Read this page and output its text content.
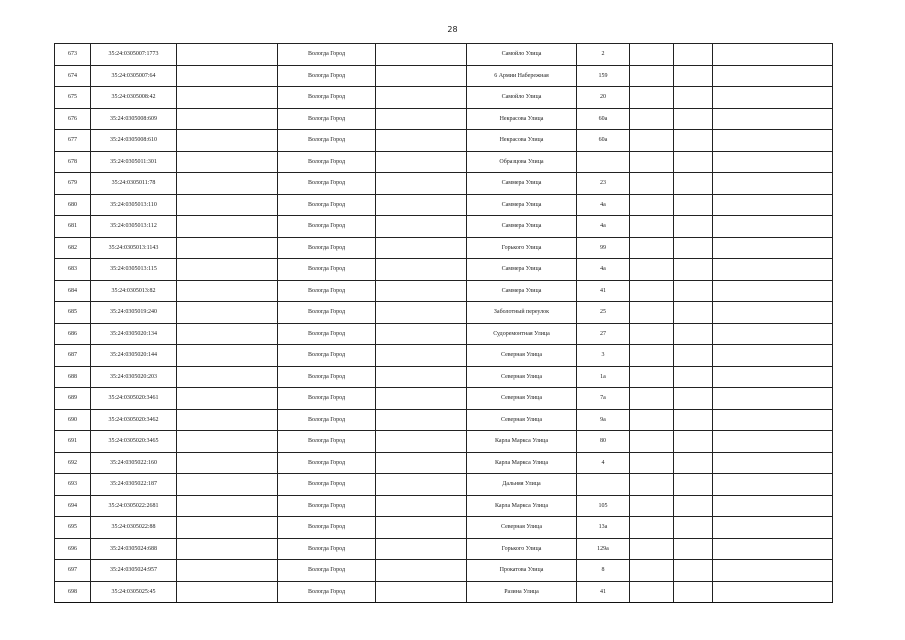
28
673	35:24:0305007:1773		Вологда Город		Самойло Улица	2			
674	35:24:0305007:64		Вологда Город		6 Армии Набережная	159			
675	35:24:0305008:42		Вологда Город		Самойло Улица	20			
676	35:24:0305008:609		Вологда Город		Некрасова Улица	60а			
677	35:24:0305008:610		Вологда Город		Некрасова Улица	60а			
678	35:24:0305011:301		Вологда Город		Образцова Улица				
679	35:24:0305011:78		Вологда Город		Саммера Улица	23			
680	35:24:0305013:110		Вологда Город		Саммера Улица	4а			
681	35:24:0305013:112		Вологда Город		Саммера Улица	4а			
682	35:24:0305013:1143		Вологда Город		Горького Улица	99			
683	35:24:0305013:115		Вологда Город		Саммера Улица	4а			
684	35:24:0305013:82		Вологда Город		Саммера Улица	41			
685	35:24:0305019:240		Вологда Город		Заболотный переулок	25			
686	35:24:0305020:134		Вологда Город		Судоремонтная Улица	27			
687	35:24:0305020:144		Вологда Город		Северная Улица	3			
688	35:24:0305020:203		Вологда Город		Северная Улица	1а			
689	35:24:0305020:3461		Вологда Город		Северная Улица	7а			
690	35:24:0305020:3462		Вологда Город		Северная Улица	9а			
691	35:24:0305020:3465		Вологда Город		Карла Маркса Улица	80			
692	35:24:0305022:160		Вологда Город		Карла Маркса Улица	4			
693	35:24:0305022:187		Вологда Город		Дальняя Улица				
694	35:24:0305022:2681		Вологда Город		Карла Маркса Улица	105			
695	35:24:0305022:88		Вологда Город		Северная Улица	13а			
696	35:24:0305024:688		Вологда Город		Горького Улица	129а			
697	35:24:0305024:957		Вологда Город		Прокатова Улица	8			
698	35:24:0305025:45		Вологда Город		Разина Улица	41			
